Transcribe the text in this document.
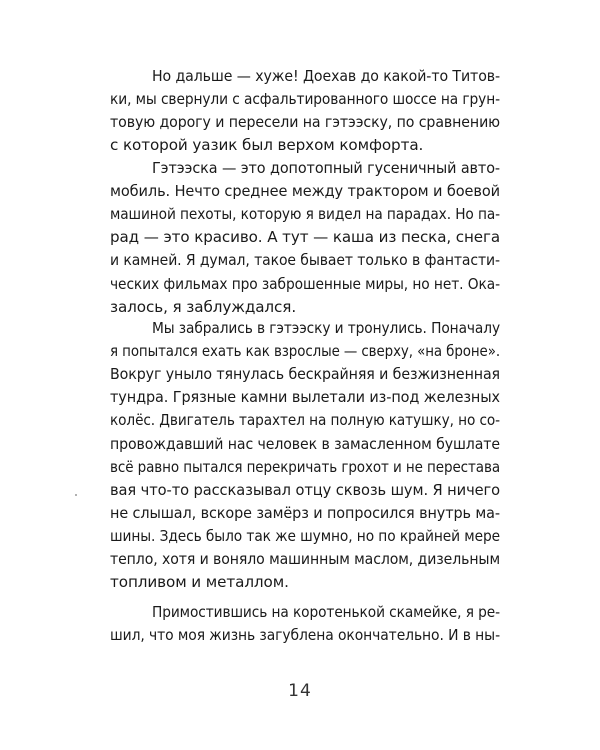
Но дальше — хуже! Доехав до какой-то Титов-
ки, мы свернули с асфальтированного шоссе на грун-
товую дорогу и пересели на гэтээску, по сравнению
с которой уазик был верхом комфорта.
Гэтээска — это допотопный гусеничный авто-
мобиль. Нечто среднее между трактором и боевой
машиной пехоты, которую я видел на парадах. Но па-
рад — это красиво. А тут — каша из песка, снега
и камней. Я думал, такое бывает только в фантасти-
ческих фильмах про заброшенные миры, но нет. Ока-
залось, я заблуждался.
Мы забрались в гэтээску и тронулись. Поначалу
я попытался ехать как взрослые — сверху, «на броне».
Вокруг уныло тянулась бескрайняя и безжизненная
тундра. Грязные камни вылетали из-под железных
колёс. Двигатель тарахтел на полную катушку, но со-
провождавший нас человек в замасленном бушлате
всё равно пытался перекричать грохот и не перестава
вая что-то рассказывал отцу сквозь шум. Я ничего
не слышал, вскоре замёрз и попросился внутрь ма-
шины. Здесь было так же шумно, но по крайней мере
тепло, хотя и воняло машинным маслом, дизельным
топливом и металлом.
Примостившись на коротенькой скамейке, я ре-
шил, что моя жизнь загублена окончательно. И в ны-
14
